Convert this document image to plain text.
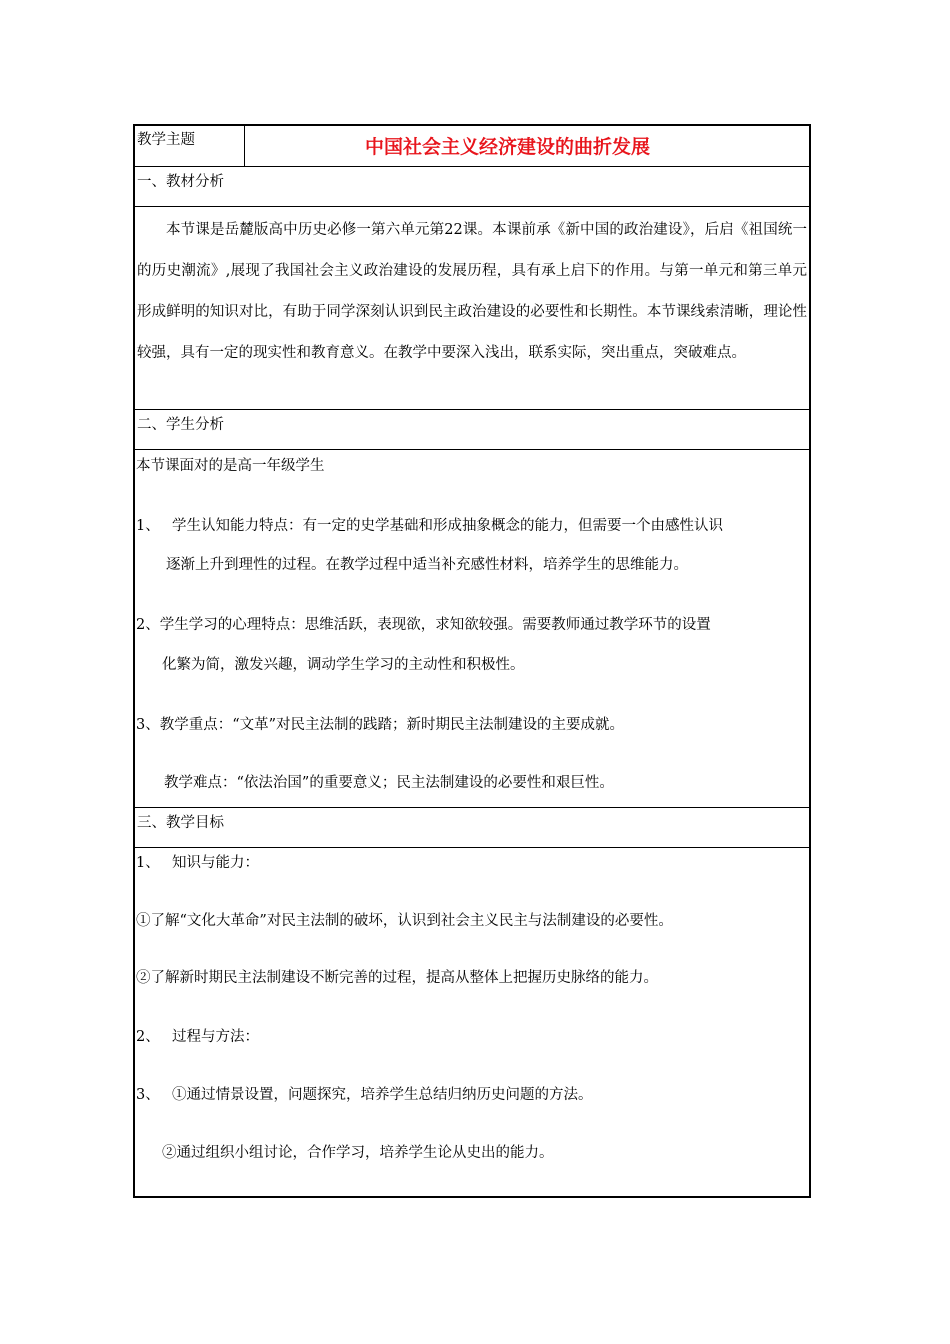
教学主题	中国社会主义经济建设的曲折发展
一、教材分析
本节课是岳麓版高中历史必修一第六单元第22课。本课前承《新中国的政治建设》，后启《祖国统一的历史潮流》,展现了我国社会主义政治建设的发展历程，具有承上启下的作用。与第一单元和第三单元形成鲜明的知识对比，有助于同学深刻认识到民主政治建设的必要性和长期性。本节课线索清晰，理论性较强，具有一定的现实性和教育意义。在教学中要深入浅出，联系实际，突出重点，突破难点。
二、学生分析
本节课面对的是高一年级学生
1、 学生认知能力特点：有一定的史学基础和形成抽象概念的能力，但需要一个由感性认识
逐渐上升到理性的过程。在教学过程中适当补充感性材料，培养学生的思维能力。
2、学生学习的心理特点：思维活跃，表现欲，求知欲较强。需要教师通过教学环节的设置
化繁为简，激发兴趣，调动学生学习的主动性和积极性。
3、教学重点：“文革”对民主法制的践踏；新时期民主法制建设的主要成就。
教学难点：“依法治国”的重要意义；民主法制建设的必要性和艰巨性。
三、教学目标
1、 知识与能力：
①了解“文化大革命”对民主法制的破坏，认识到社会主义民主与法制建设的必要性。
②了解新时期民主法制建设不断完善的过程，提高从整体上把握历史脉络的能力。
2、 过程与方法：
3、 ①通过情景设置，问题探究，培养学生总结归纳历史问题的方法。
②通过组织小组讨论，合作学习，培养学生论从史出的能力。
